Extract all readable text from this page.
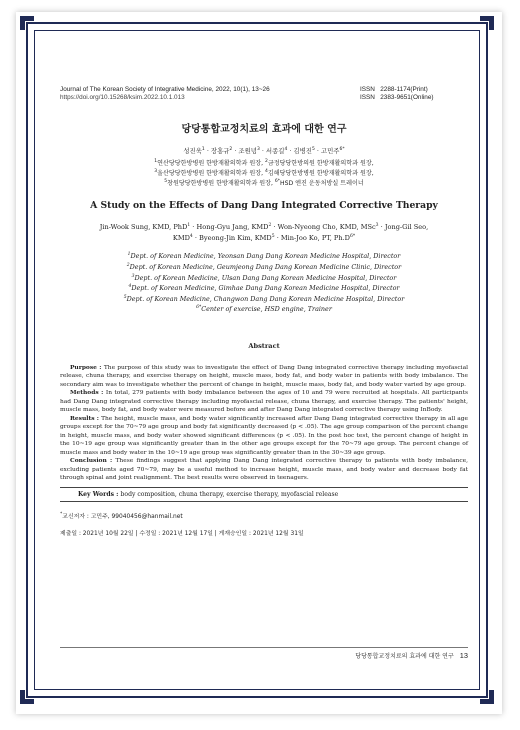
Journal of The Korean Society of Integrative Medicine, 2022, 10(1), 13~26	ISSN 2288-1174(Print)
https://doi.org/10.15268/ksim.2022.10.1.013	ISSN 2383-9651(Online)
당당통합교정치료의 효과에 대한 연구
성진욱$^1$ · 장홍규$^2$ · 조원녕$^3$ · 서종길$^4$ · 김병진$^5$ · 고민주$^{6*}$
$^1$연산당당한방병원 한방재활의학과 원장, $^2$금정당당한방의원 한방재활의학과 원장,
$^3$울산당당한방병원 한방재활의학과 원장, $^4$김해당당한방병원 한방재활의학과 원장,
$^5$창원당당한방병원 한방재활의학과 원장, $^{6*}$HSD 엔진 운동처방실 트레이너
A Study on the Effects of Dang Dang Integrated Corrective Therapy
Jin-Wook Sung, KMD, PhD$^1$ · Hong-Gyu Jang, $KMD^2$ · Won-Nyeong Cho, KMD, MSc$^3$ · Jong-Gil Seo,
$KMD^4$ · Byeong-Jin Kim, $KMD^5 \cdot Min-Joo$ Ko, PT, $Ph.D^{6*}$
$^1$Dept. of Korean Medicine, Yeonsan Dang Dang Korean Medicine Hospital, Director
$^2$Dept. of Korean Medicine, Geumjeong Dang Dang Korean Medicine Clinic, Director
$^3$Dept. of Korean Medicine, Ulsan Dang Dang Korean Medicine Hospital, Director
$^4$Dept. of Korean Medicine, Gimhae Dang Dang Korean Medicine Hospital, Director
$^5$Dept. of Korean Medicine, Changwon Dang Dang Korean Medicine Hospital, Director
$^{6*}$Center of exercise, HSD engine, Trainer
Abstract

Purpose : The purpose of this study was to investigate the effect of Dang Dang integrated corrective therapy including myofascial release, chuna therapy, and exercise therapy on height, muscle mass, body fat, and body water in patients with body imbalance. The secondary aim was to investigate whether the percent of change in height, muscle mass, body fat, and body water varied by age group.

Methods : In total, 279 patients with body imbalance between the ages of 10 and 79 were recruited at hospitals. All participants had Dang Dang integrated corrective therapy including myofascial release, chuna therapy, and exercise therapy. The patients' height, muscle mass, body fat, and body water were measured before and after Dang Dang integrated corrective therapy using InBody.

Results : The height, muscle mass, and body water significantly increased after Dang Dang integrated corrective therapy in all age groups except for the 70~79 age group and body fat significantly decreased (p < .05). The age group comparison of the percent change in height, muscle mass, and body water showed significant differences (p < .05). In the post hoc test, the percent change of height in the 10~19 age group was significantly greater than in the other age groups except for the 70~79 age group. The percent change of muscle mass and body water in the 10~19 age group was significantly greater than in the 30~39 age group.

Conclusion : These findings suggest that applying Dang Dang integrated corrective therapy to patients with body imbalance, excluding patients aged 70~79, may be a useful method to increase height, muscle mass, and body water and decrease body fat through spinal and joint realignment. The best results were observed in teenagers.

Key Words : body composition, chuna therapy, exercise therapy, myofascial release
*교신저자 : 고민주, 99040456@hanmail.net
제출일 : 2021년 10월 22일 | 수정일 : 2021년 12월 17일 | 게재승인일 : 2021년 12월 31일
당당통합교정치료의 효과에 대한 연구 13
